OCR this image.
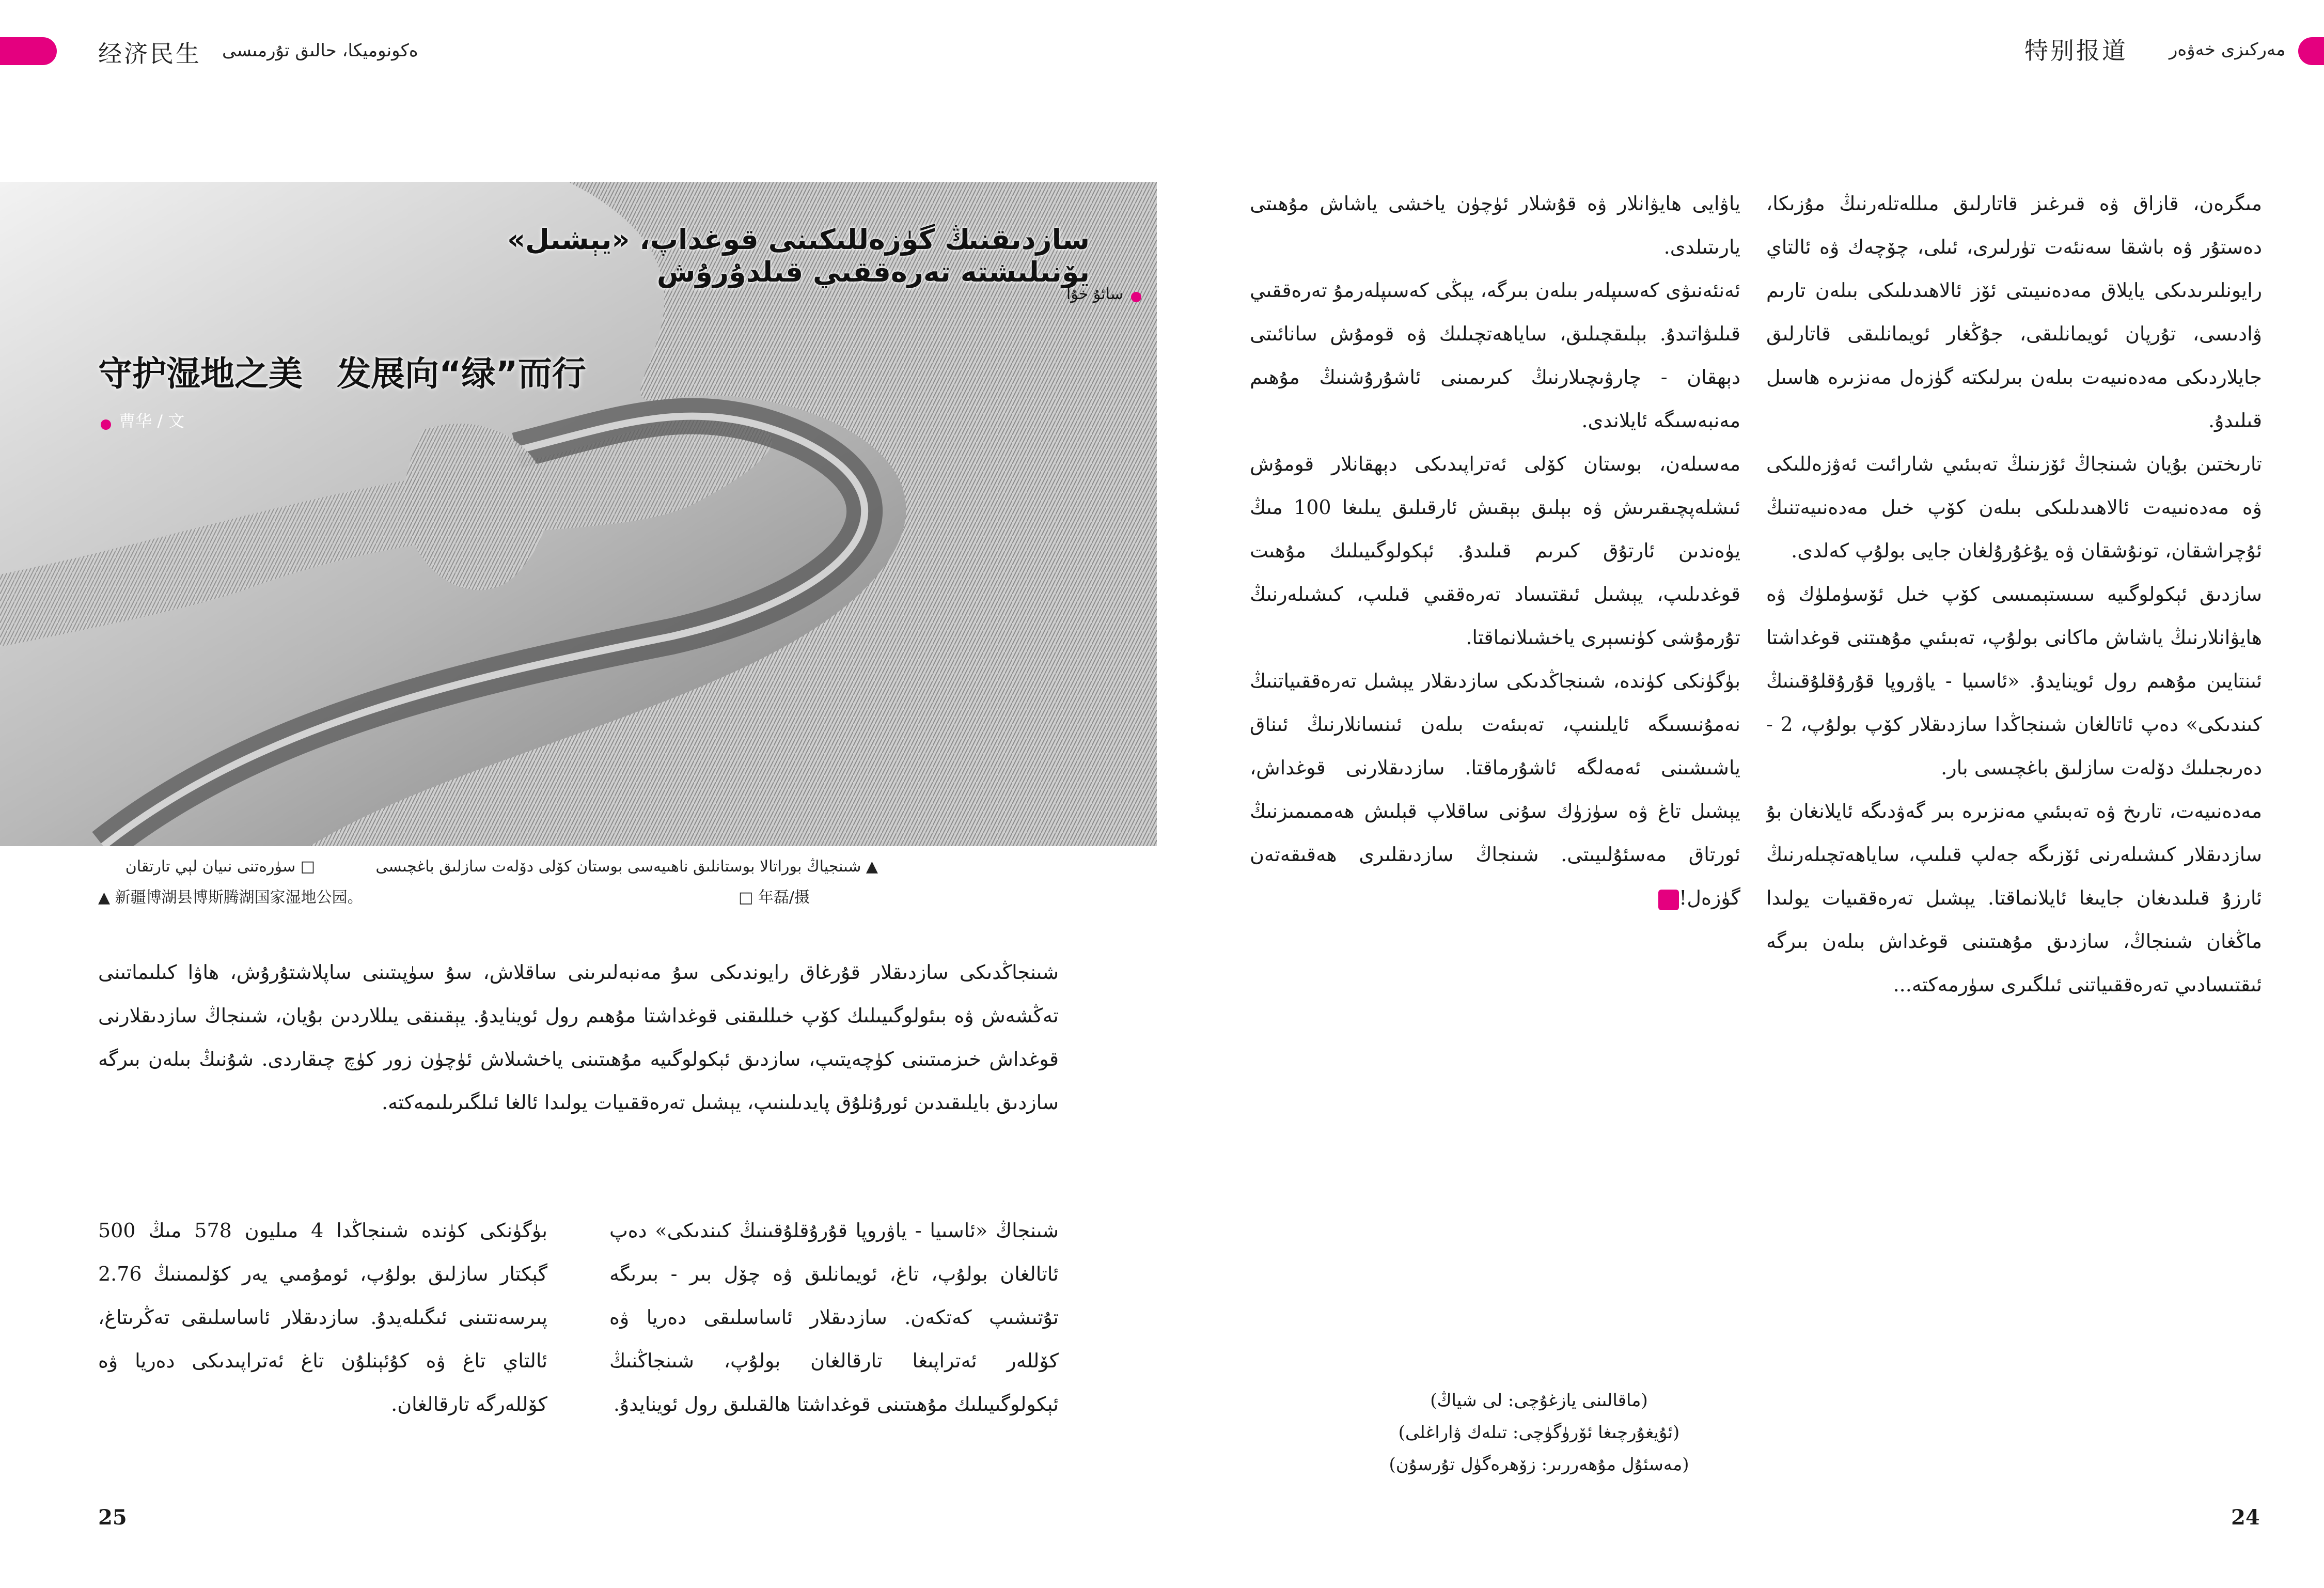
经济民生 ەكونوميكا، حالىق تۇرمىسى	特别报道 مەركىزى خەۋەر
سازدىقنىڭ گۈزەللىكىنى قوغداپ، «يېشىل» يۆنىلىشتە تەرەققىي قىلدۇرۇش
سائۇ خۇا
守护湿地之美　发展向“绿”而行
曹华 / 文
▲ شىنجياڭ بوراتالا بوستانلىق ناھىيەسى بوستان كۆلى دۆلەت سازلىق باغچىسى
□ سۈرەتنى نىيان لېي تارتقان
▲ 新疆博湖县博斯腾湖国家湿地公园。	□ 年磊/摄

شىنجاڭدىكى سازدىقلار قۇرغاق رايوندىكى سۇ مەنبەلىرىنى ساقلاش، سۇ سۈپىتىنى ساپلاشتۇرۇش، ھاۋا كىلىماتىنى تەڭشەش ۋە بىئولوگىيىلىك كۆپ خىللىقنى قوغداشتا مۇھىم رول ئوينايدۇ. يېقىنقى يىللاردىن بۇيان، شىنجاڭ سازدىقلارنى قوغداش خىزمىتىنى كۈچەيتىپ، سازدىق ئېكولوگىيە مۇھىتىنى ياخشىلاش ئۈچۈن زور كۈچ چىقاردى. شۇنىڭ بىلەن بىرگە سازدىق بايلىقىدىن ئورۇنلۇق پايدىلىنىپ، يېشىل تەرەققىيات يولىدا ئالغا ئىلگىرىلىمەكتە.

شىنجاڭ «ئاسىيا - ياۋروپا قۇرۇقلۇقىنىڭ كىندىكى» دەپ ئاتالغان بولۇپ، تاغ، ئويمانلىق ۋە چۆل بىر - بىرىگە تۇتىشىپ كەتكەن. سازدىقلار ئاساسلىقى دەريا ۋە كۆللەر ئەتراپىغا تارقالغان بولۇپ، شىنجاڭنىڭ ئېكولوگىيىلىك مۇھىتىنى قوغداشتا ھالقىلىق رول ئوينايدۇ.

بۈگۈنكى كۈندە شىنجاڭدا 4 مىليون 578 مىڭ 500 گېكتار سازلىق بولۇپ، ئومۇمىي يەر كۆلىمىنىڭ 2.76 پىرسەنتىنى ئىگىلەيدۇ. سازدىقلار ئاساسلىقى تەڭرىتاغ، ئالتاي تاغ ۋە كۇئېنلۇن تاغ ئەتراپىدىكى دەريا ۋە كۆللەرگە تارقالغان.

25

مىگرەن، قازاق ۋە قىرغىز قاتارلىق مىللەتلەرنىڭ مۇزىكا، دەستۇر ۋە باشقا سەنئەت تۈرلىرى، ئىلى، چۆچەك ۋە ئالتاي رايونلىرىدىكى يايلاق مەدەنىيىتى ئۆز ئالاھىدىلىكى بىلەن تارىم ۋادىسى، تۇرپان ئويمانلىقى، جۇڭغار ئويمانلىقى قاتارلىق جايلاردىكى مەدەنىيەت بىلەن بىرلىكتە گۈزەل مەنزىرە ھاسىل قىلىدۇ.

تارىختىن بۇيان شىنجاڭ ئۆزىنىڭ تەبىئىي شارائىت ئەۋزەللىكى ۋە مەدەنىيەت ئالاھىدىلىكى بىلەن كۆپ خىل مەدەنىيەتنىڭ ئۇچراشقان، تونۇشقان ۋە يۇغۇرۇلغان جايى بولۇپ كەلدى.

سازدىق ئېكولوگىيە سىستېمىسى كۆپ خىل ئۆسۈملۈك ۋە ھايۋانلارنىڭ ياشاش ماكانى بولۇپ، تەبىئىي مۇھىتنى قوغداشتا ئىنتايىن مۇھىم رول ئوينايدۇ. «ئاسىيا - ياۋروپا قۇرۇقلۇقىنىڭ كىندىكى» دەپ ئاتالغان شىنجاڭدا سازدىقلار كۆپ بولۇپ، 2 - دەرىجىلىك دۆلەت سازلىق باغچىسى بار.

مەدەنىيەت، تارىخ ۋە تەبىئىي مەنزىرە بىر گەۋدىگە ئايلانغان بۇ سازدىقلار كىشىلەرنى ئۆزىگە جەلپ قىلىپ، ساياھەتچىلەرنىڭ ئارزۇ قىلىدىغان جايىغا ئايلانماقتا. يېشىل تەرەققىيات يولىدا ماڭغان شىنجاڭ، سازدىق مۇھىتىنى قوغداش بىلەن بىرگە ئىقتىسادىي تەرەققىياتنى ئىلگىرى سۈرمەكتە...

ياۋايى ھايۋانلار ۋە قۇشلار ئۈچۈن ياخشى ياشاش مۇھىتى يارىتىلدى.

ئەنئەنىۋى كەسىپلەر بىلەن بىرگە، يېڭى كەسىپلەرمۇ تەرەققىي قىلىۋاتىدۇ. بېلىقچىلىق، ساياھەتچىلىك ۋە قومۇش سانائىتى دېھقان - چارۋىچىلارنىڭ كىرىمىنى ئاشۇرۇشنىڭ مۇھىم مەنبەسىگە ئايلاندى.

مەسىلەن، بوستان كۆلى ئەتراپىدىكى دېھقانلار قومۇش ئىشلەپچىقىرىش ۋە بېلىق بېقىش ئارقىلىق يىلىغا 100 مىڭ يۈەندىن ئارتۇق كىرىم قىلىدۇ. ئېكولوگىيىلىك مۇھىت قوغدىلىپ، يېشىل ئىقتىساد تەرەققىي قىلىپ، كىشىلەرنىڭ تۇرمۇشى كۈنسېرى ياخشىلانماقتا.

بۈگۈنكى كۈندە، شىنجاڭدىكى سازدىقلار يېشىل تەرەققىياتنىڭ نەمۇنىسىگە ئايلىنىپ، تەبىئەت بىلەن ئىنسانلارنىڭ ئىناق ياشىشىنى ئەمەلگە ئاشۇرماقتا. سازدىقلارنى قوغداش، يېشىل تاغ ۋە سۈزۈك سۇنى ساقلاپ قېلىش ھەممىمىزنىڭ ئورتاق مەسئۇلىيىتى. شىنجاڭ سازدىقلىرى ھەقىقەتەن گۈزەل!

(ماقالىنى يازغۇچى: لى شياڭ)
(ئۇيغۇرچىغا ئۆرۈگۈچى: تىلەك ۋاراغلى)
(مەسئۇل مۇھەررىر: زۆھرەگۈل تۇرسۇن)
24
